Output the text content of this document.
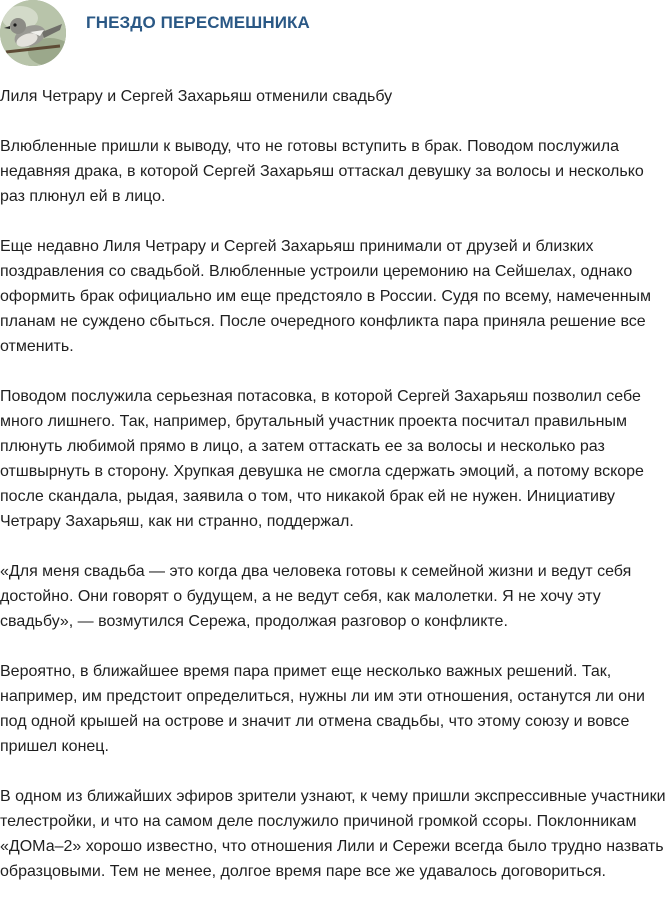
ГНЕЗДО ПЕРЕСМЕШНИКА

Лиля Четрару и Сергей Захарьяш отменили свадьбу

Влюбленные пришли к выводу, что не готовы вступить в брак. Поводом послужила недавняя драка, в которой Сергей Захарьяш оттаскал девушку за волосы и несколько раз плюнул ей в лицо.

Еще недавно Лиля Четрару и Сергей Захарьяш принимали от друзей и близких поздравления со свадьбой. Влюбленные устроили церемонию на Сейшелах, однако оформить брак официально им еще предстояло в России. Судя по всему, намеченным планам не суждено сбыться. После очередного конфликта пара приняла решение все отменить.

Поводом послужила серьезная потасовка, в которой Сергей Захарьяш позволил себе много лишнего. Так, например, брутальный участник проекта посчитал правильным плюнуть любимой прямо в лицо, а затем оттаскать ее за волосы и несколько раз отшвырнуть в сторону. Хрупкая девушка не смогла сдержать эмоций, а потому вскоре после скандала, рыдая, заявила о том, что никакой брак ей не нужен. Инициативу Четрару Захарьяш, как ни странно, поддержал.

«Для меня свадьба — это когда два человека готовы к семейной жизни и ведут себя достойно. Они говорят о будущем, а не ведут себя, как малолетки. Я не хочу эту свадьбу», — возмутился Сережа, продолжая разговор о конфликте.

Вероятно, в ближайшее время пара примет еще несколько важных решений. Так, например, им предстоит определиться, нужны ли им эти отношения, останутся ли они под одной крышей на острове и значит ли отмена свадьбы, что этому союзу и вовсе пришел конец.

В одном из ближайших эфиров зрители узнают, к чему пришли экспрессивные участники телестройки, и что на самом деле послужило причиной громкой ссоры. Поклонникам «ДОМа–2» хорошо известно, что отношения Лили и Сережи всегда было трудно назвать образцовыми. Тем не менее, долгое время паре все же удавалось договориться.
